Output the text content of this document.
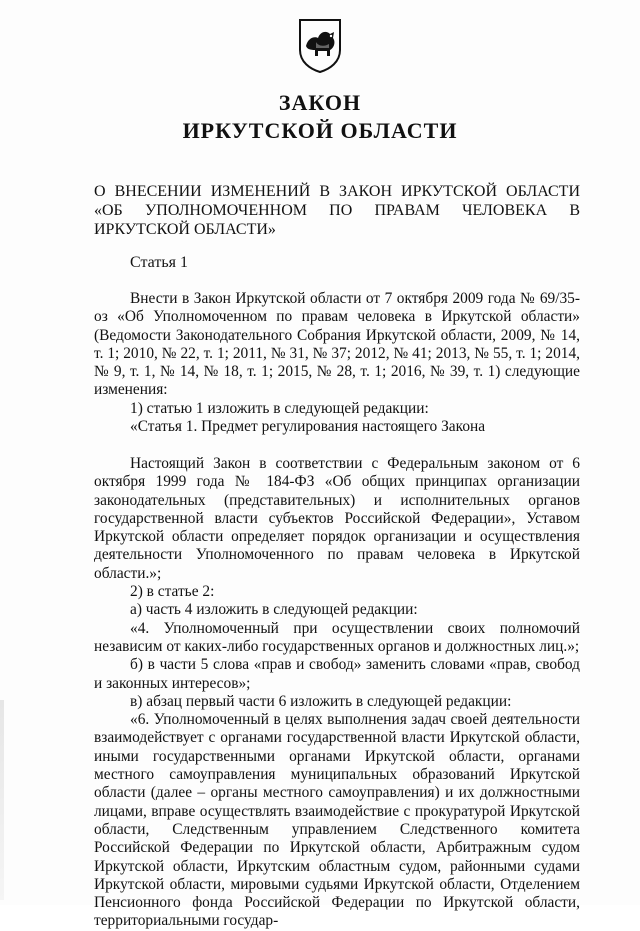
ЗАКОН
ИРКУТСКОЙ ОБЛАСТИ
О ВНЕСЕНИИ ИЗМЕНЕНИЙ В ЗАКОН ИРКУТСКОЙ ОБЛАСТИ «ОБ УПОЛНОМОЧЕННОМ ПО ПРАВАМ ЧЕЛОВЕКА В ИРКУТСКОЙ ОБЛАСТИ»
Статья 1

Внести в Закон Иркутской области от 7 октября 2009 года № 69/35-оз «Об Уполномоченном по правам человека в Иркутской области» (Ведомости Законодательного Собрания Иркутской области, 2009, № 14, т. 1; 2010, № 22, т. 1; 2011, № 31, № 37; 2012, № 41; 2013, № 55, т. 1; 2014, № 9, т. 1, № 14, № 18, т. 1; 2015, № 28, т. 1; 2016, № 39, т. 1) следующие изменения:

1) статью 1 изложить в следующей редакции:

«Статья 1. Предмет регулирования настоящего Закона

Настоящий Закон в соответствии с Федеральным законом от 6 октября 1999 года № 184-ФЗ «Об общих принципах организации законодательных (представительных) и исполнительных органов государственной власти субъектов Российской Федерации», Уставом Иркутской области определяет порядок организации и осуществления деятельности Уполномоченного по правам человека в Иркутской области.»;

2) в статье 2:

а) часть 4 изложить в следующей редакции:

«4. Уполномоченный при осуществлении своих полномочий независим от каких-либо государственных органов и должностных лиц.»;

б) в части 5 слова «прав и свобод» заменить словами «прав, свобод и законных интересов»;

в) абзац первый части 6 изложить в следующей редакции:

«6. Уполномоченный в целях выполнения задач своей деятельности взаимодействует с органами государственной власти Иркутской области, иными государственными органами Иркутской области, органами местного самоуправления муниципальных образований Иркутской области (далее – органы местного самоуправления) и их должностными лицами, вправе осуществлять взаимодействие с прокуратурой Иркутской области, Следственным управлением Следственного комитета Российской Федерации по Иркутской области, Арбитражным судом Иркутской области, Иркутским областным судом, районными судами Иркутской области, мировыми судьями Иркутской области, Отделением Пенсионного фонда Российской Федерации по Иркутской области, территориальными государ-
